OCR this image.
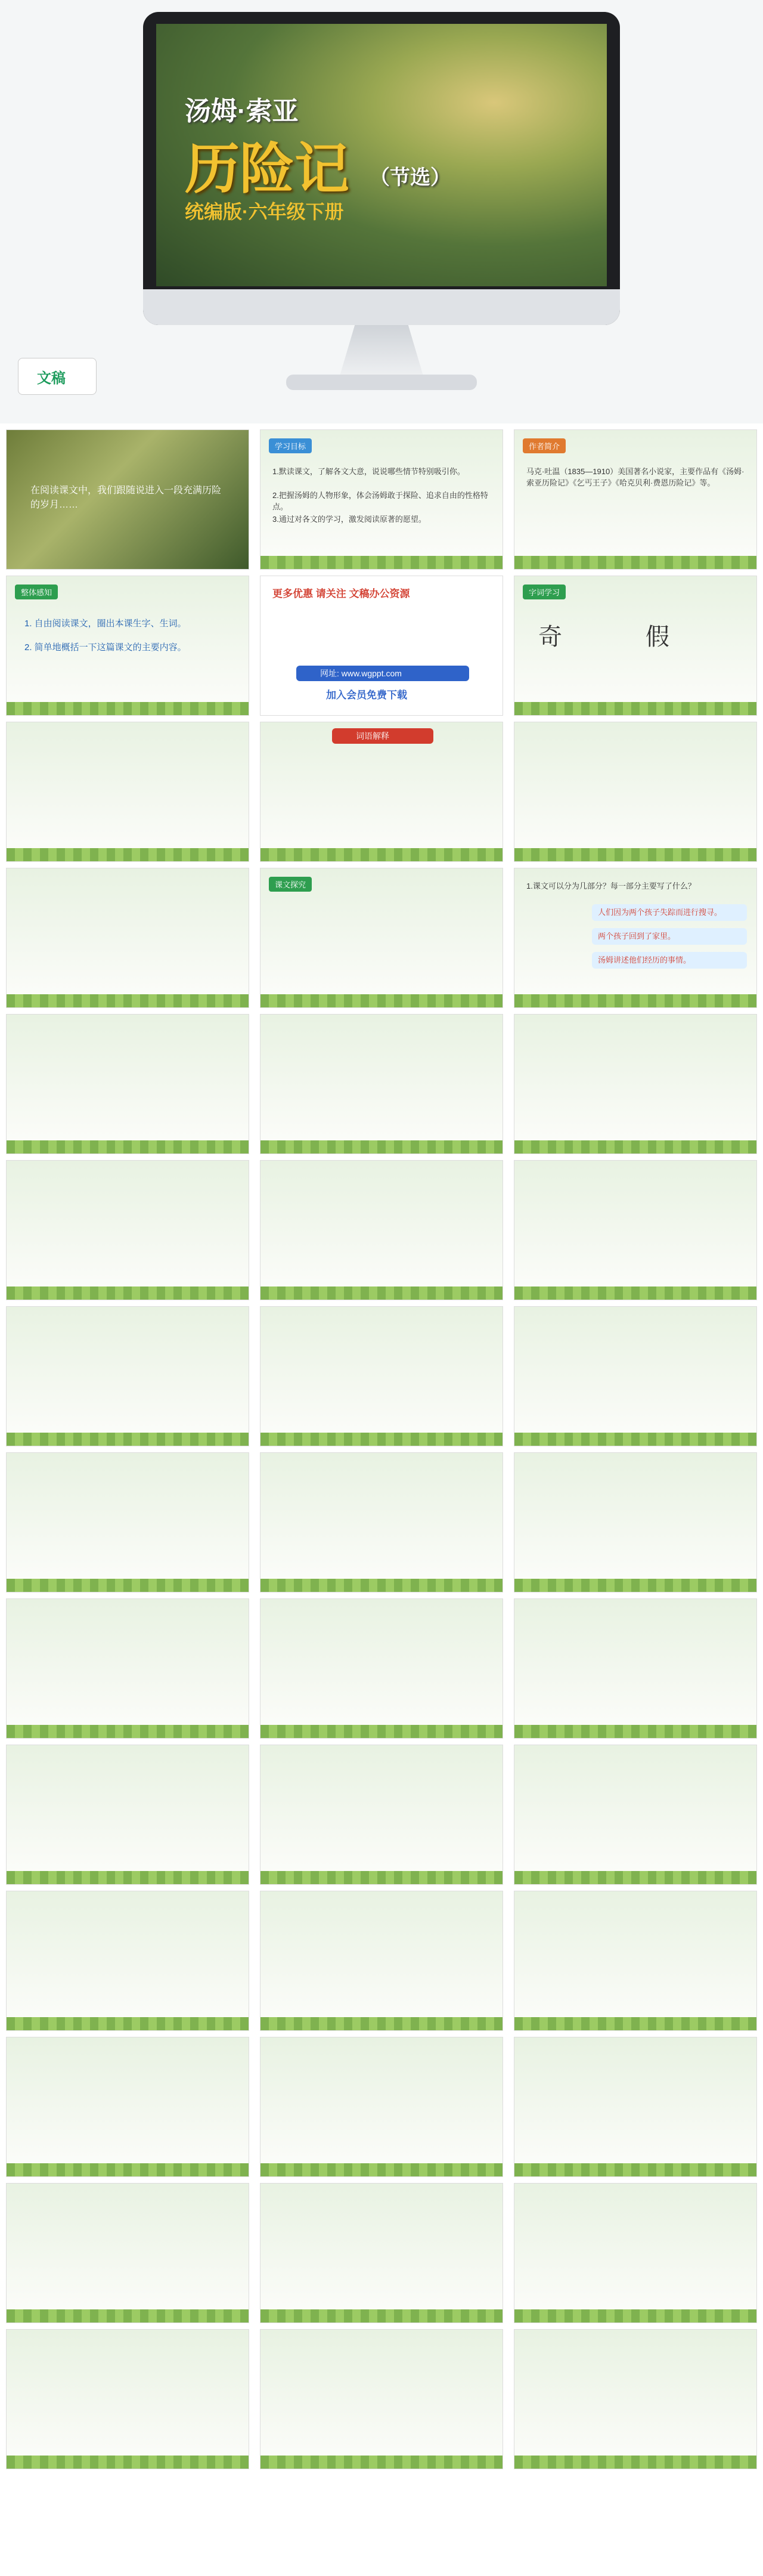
汤姆·索亚
历险记 （节选）
统编版·六年级下册
文稿
在阅读课文中，我们跟随说进入一段充满历险的岁月……
学习目标
1.默读课文，了解各文大意，说说哪些情节特别吸引你。
2.把握汤姆的人物形象，体会汤姆敢于探险、追求自由的性格特点。
3.通过对各文的学习，激发阅读原著的愿望。
作者简介
马克·吐温（1835—1910）美国著名小说家，主要作品有《汤姆·索亚历险记》《乞丐王子》《哈克贝利·费恩历险记》等。
整体感知
1. 自由阅读课文，圈出本课生字、生词。
2. 简单地概括一下这篇课文的主要内容。
更多优惠 请关注 文稿办公资源
网址: www.wgppt.com
加入会员免费下载
字词学习
奇	假
词语解释
课文探究	1.课文可以分为几部分？每一部分主要写了什么？
人们因为两个孩子失踪而进行搜寻。
两个孩子回到了家里。
汤姆讲述他们经历的事情。
